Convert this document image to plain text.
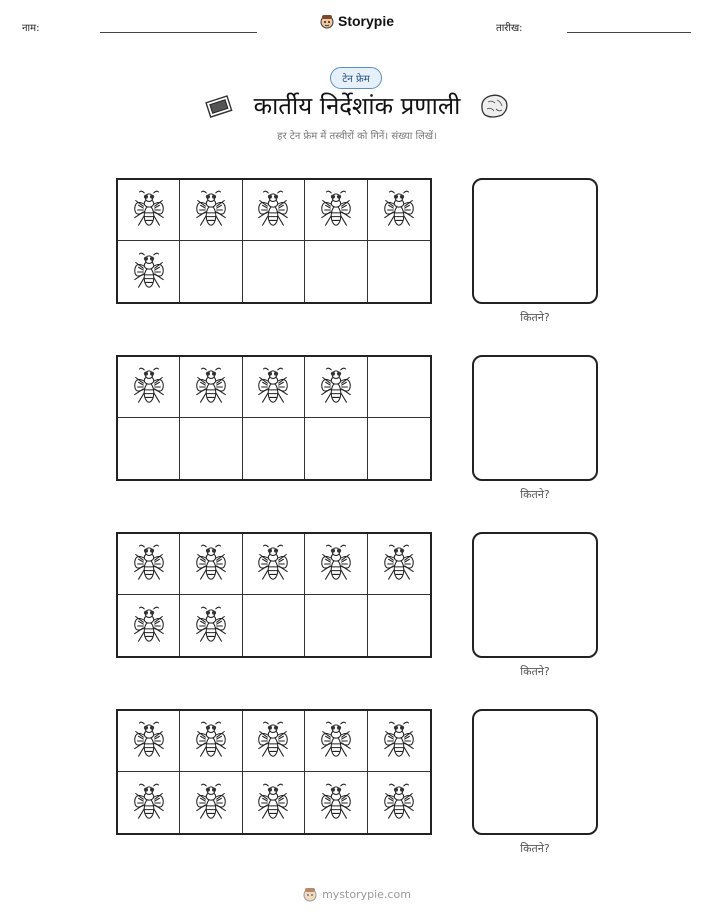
नाम:	Storypie	तारीख:
टेन फ्रेम
कार्तीय निर्देशांक प्रणाली
हर टेन फ्रेम में तस्वीरों को गिनें। संख्या लिखें।
कितने?
कितने?
कितने?
कितने?
mystorypie.com
